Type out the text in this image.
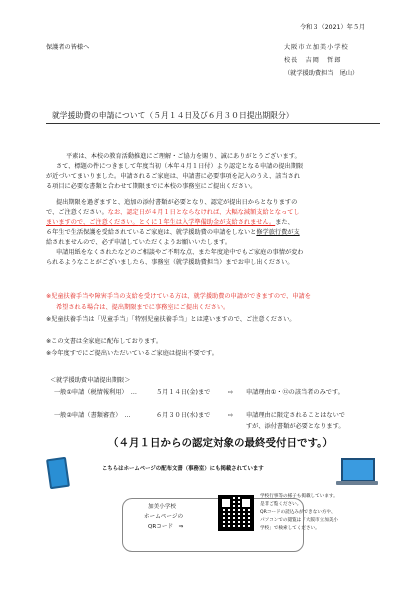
令和３（2021）年５月
保護者の皆様へ	大阪市立加美小学校
校長　吉岡　哲郎
（就学援助費担当　尾山）
就学援助費の申請について（５月１４日及び６月３０日提出期限分）
平素は、本校の教育活動推進にご理解・ご協力を賜り、誠にありがとうございます。
さて、標題の件につきまして年度当初（本年４月１日付）より認定となる申請の提出期限
が近づいてまいりました。申請されるご家庭は、申請書に必要事項を記入のうえ、該当され
る項目に必要な書類と合わせて期限までに本校の事務室にご提出ください。
提出期限を過ぎますと、追加の添付書類が必要となり、認定が提出日からとなりますの
で、ご注意ください。なお、認定日が４月１日とならなければ、大幅な減額支給となってし
まいますので、ご注意ください。とくに１年生は入学準備助金が支給されません。また、
６年生で生活保護を受給されているご家庭は、就学援助費の申請をしないと修学旅行費が支
給されませんので、必ず申請していただくようお願いいたします。
申請用紙をなくされたなどのご相談やご不明な点、また年度途中でもご家庭の事情が変わ
られるようなことがございましたら、事務室（就学援助費担当）までお申し出ください。
※児童扶養手当や障害手当の支給を受けている方は、就学援助費の申請ができますので、申請を
希望される場合は、提出期限までに事務室にご提出ください。
※児童扶養手当は「児童手当」「特別児童扶養手当」とは違いますので、ご注意ください。
※この文書は全家庭に配布しております。
※今年度すでにご提出いただいているご家庭は提出不要です。
＜就学援助費申請提出期限＞
一般①申請（税情報利用）　…	５月１４日(金)まで	⇨ 申請理由①・⑫の該当者のみです。
一般②申請（書類審査）　…	６月３０日(水)まで	⇨ 申請理由に限定されることはないで
すが、添付書類が必要となります。
（４月１日からの認定対象の最終受付日です。）
こちらはホームページの配布文書（事務室）にも掲載されています
加美小学校
ホームページの
QRコード　⇒
学校行事等の様子も掲載しています。
是非ご覧ください。
QRコードの読込みができない方や、
パソコンでの閲覧は「大阪市立加美小
学校」で検索してください。
